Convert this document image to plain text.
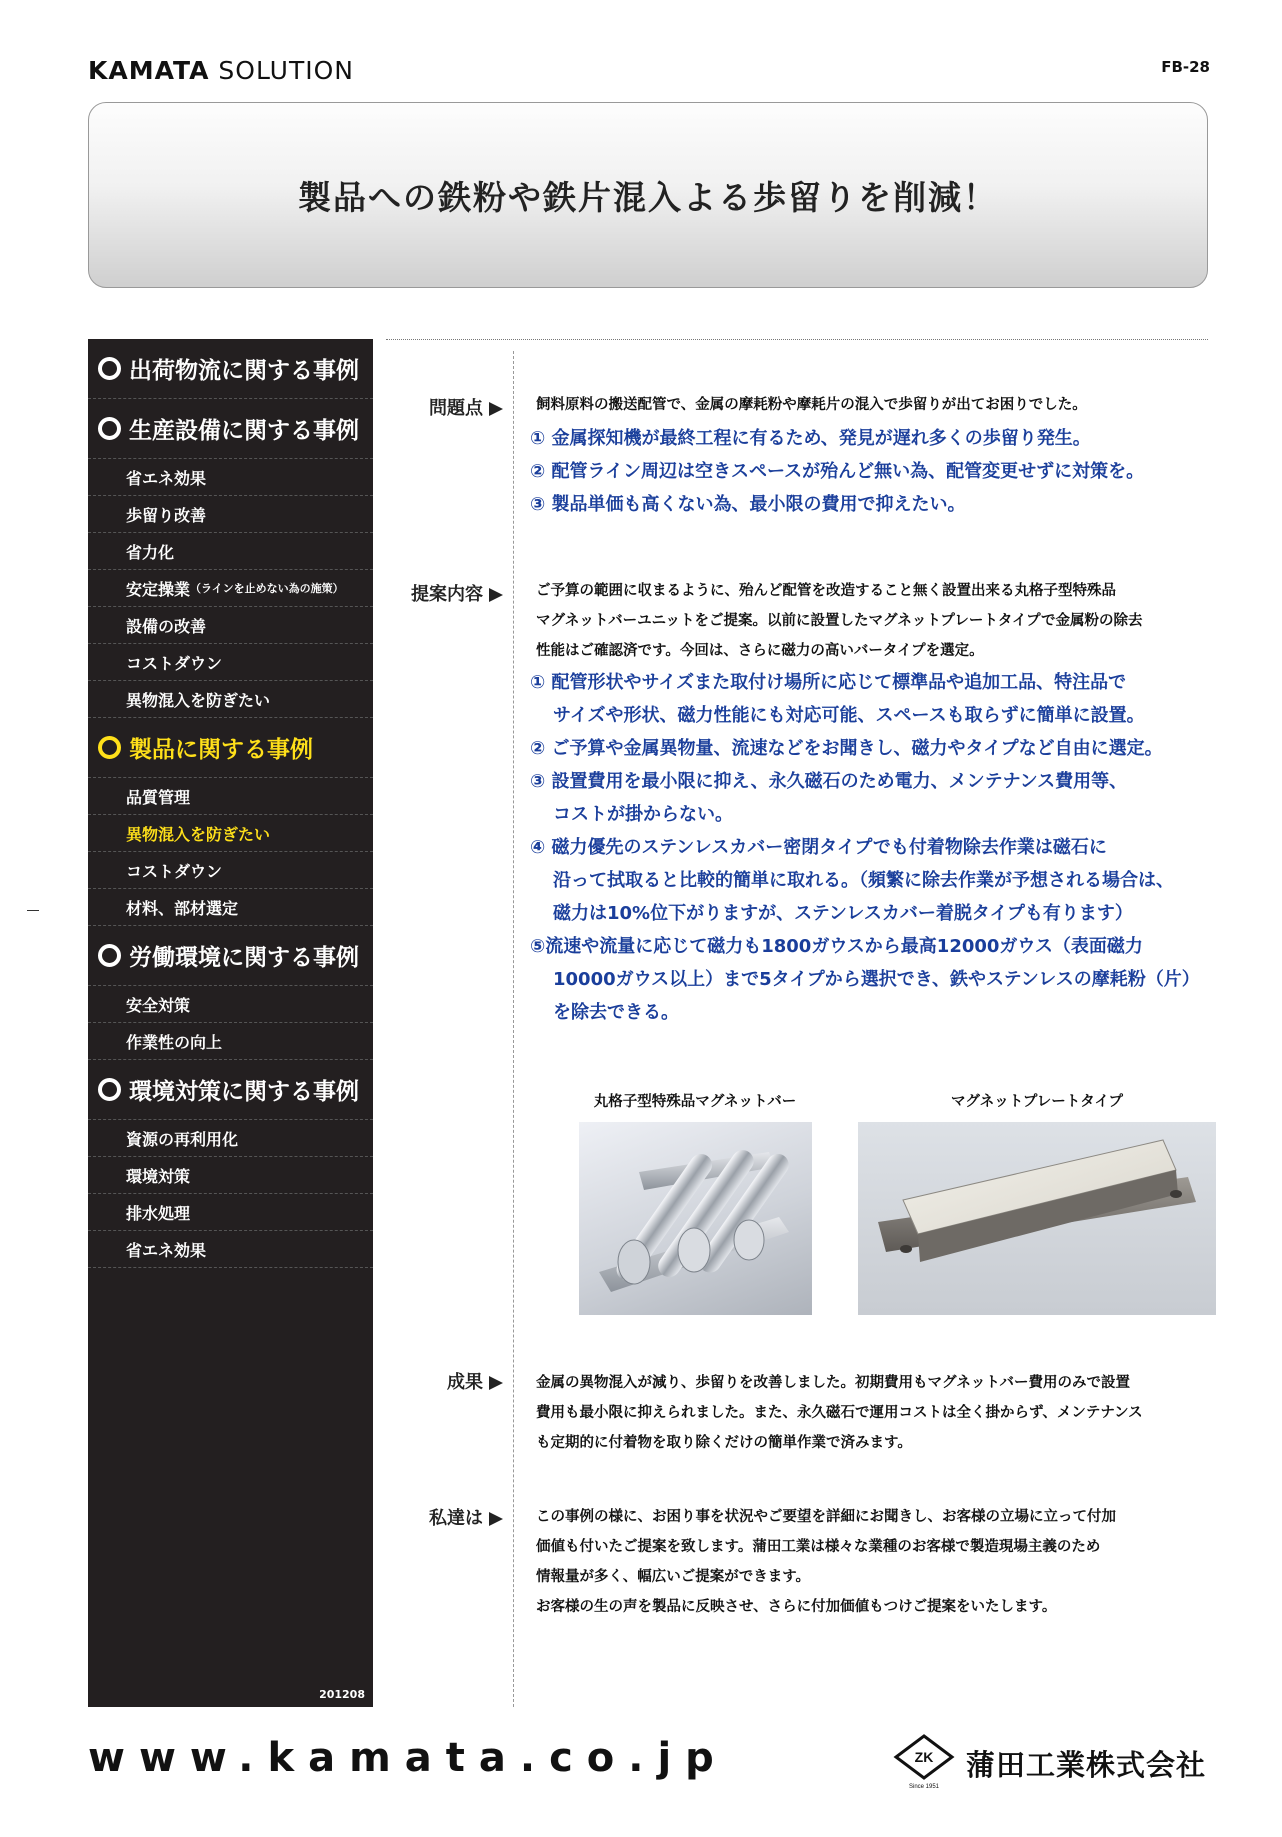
KAMATA SOLUTION	FB-28
製品への鉄粉や鉄片混入よる歩留りを削減！
出荷物流に関する事例
生産設備に関する事例
省エネ効果
歩留り改善
省力化
安定操業 （ラインを止めない為の施策）
設備の改善
コストダウン
異物混入を防ぎたい
製品に関する事例
品質管理
異物混入を防ぎたい
コストダウン
材料、部材選定
労働環境に関する事例
安全対策
作業性の向上
環境対策に関する事例
資源の再利用化
環境対策
排水処理
省エネ効果
201208
問題点	飼料原料の搬送配管で、金属の摩耗粉や摩耗片の混入で歩留りが出てお困りでした。
① 金属探知機が最終工程に有るため、発見が遅れ多くの歩留り発生。
② 配管ライン周辺は空きスペースが殆んど無い為、配管変更せずに対策を。
③ 製品単価も高くない為、最小限の費用で抑えたい。
提案内容	ご予算の範囲に収まるように、殆んど配管を改造すること無く設置出来る丸格子型特殊品
マグネットバーユニットをご提案。以前に設置したマグネットプレートタイプで金属粉の除去
性能はご確認済です。今回は、さらに磁力の高いバータイプを選定。
① 配管形状やサイズまた取付け場所に応じて標準品や追加工品、特注品で
サイズや形状、磁力性能にも対応可能、スペースも取らずに簡単に設置。
② ご予算や金属異物量、流速などをお聞きし、磁力やタイプなど自由に選定。
③ 設置費用を最小限に抑え、永久磁石のため電力、メンテナンス費用等、
コストが掛からない。
④ 磁力優先のステンレスカバー密閉タイプでも付着物除去作業は磁石に
沿って拭取ると比較的簡単に取れる。（頻繁に除去作業が予想される場合は、
磁力は10%位下がりますが、ステンレスカバー着脱タイプも有ります）
⑤流速や流量に応じて磁力も1800ガウスから最高12000ガウス（表面磁力
10000ガウス以上）まで5タイプから選択でき、鉄やステンレスの摩耗粉（片）
を除去できる。
丸格子型特殊品マグネットバー	マグネットプレートタイプ
成果	金属の異物混入が減り、歩留りを改善しました。初期費用もマグネットバー費用のみで設置
費用も最小限に抑えられました。また、永久磁石で運用コストは全く掛からず、メンテナンス
も定期的に付着物を取り除くだけの簡単作業で済みます。
私達は	この事例の様に、お困り事を状況やご要望を詳細にお聞きし、お客様の立場に立って付加
価値も付いたご提案を致します。蒲田工業は様々な業種のお客様で製造現場主義のため
情報量が多く、幅広いご提案ができます。
お客様の生の声を製品に反映させ、さらに付加価値もつけご提案をいたします。
www.kamata.co.jp	ZK
Since 1951
蒲田工業株式会社
